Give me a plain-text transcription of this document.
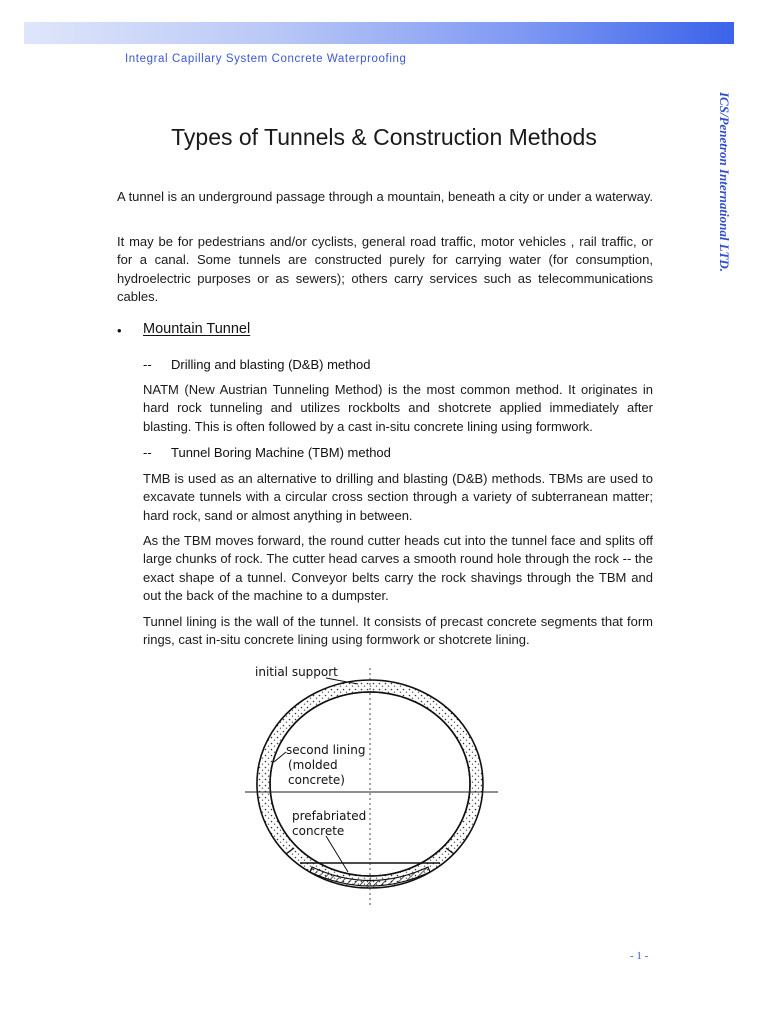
Integral Capillary System Concrete Waterproofing
ICS/Penetron International LTD.
Types of Tunnels & Construction Methods
A tunnel is an underground passage through a mountain, beneath a city or under a waterway.
It may be for pedestrians and/or cyclists, general road traffic, motor vehicles , rail traffic, or for a canal. Some tunnels are constructed purely for carrying water (for consumption, hydroelectric purposes or as sewers); others carry services such as telecommunications cables.
• Mountain Tunnel
-- Drilling and blasting (D&B) method
NATM (New Austrian Tunneling Method) is the most common method. It originates in hard rock tunneling and utilizes rockbolts and shotcrete applied immediately after blasting. This is often followed by a cast in-situ concrete lining using formwork.
-- Tunnel Boring Machine (TBM) method
TMB is used as an alternative to drilling and blasting (D&B) methods. TBMs are used to excavate tunnels with a circular cross section through a variety of subterranean matter; hard rock, sand or almost anything in between.
As the TBM moves forward, the round cutter heads cut into the tunnel face and splits off large chunks of rock. The cutter head carves a smooth round hole through the rock -- the exact shape of a tunnel. Conveyor belts carry the rock shavings through the TBM and out the back of the machine to a dumpster.
Tunnel lining is the wall of the tunnel. It consists of precast concrete segments that form rings, cast in-situ concrete lining using formwork or shotcrete lining.
initial support
second lining
(molded
concrete)
prefabriated
concrete
- 1 -
